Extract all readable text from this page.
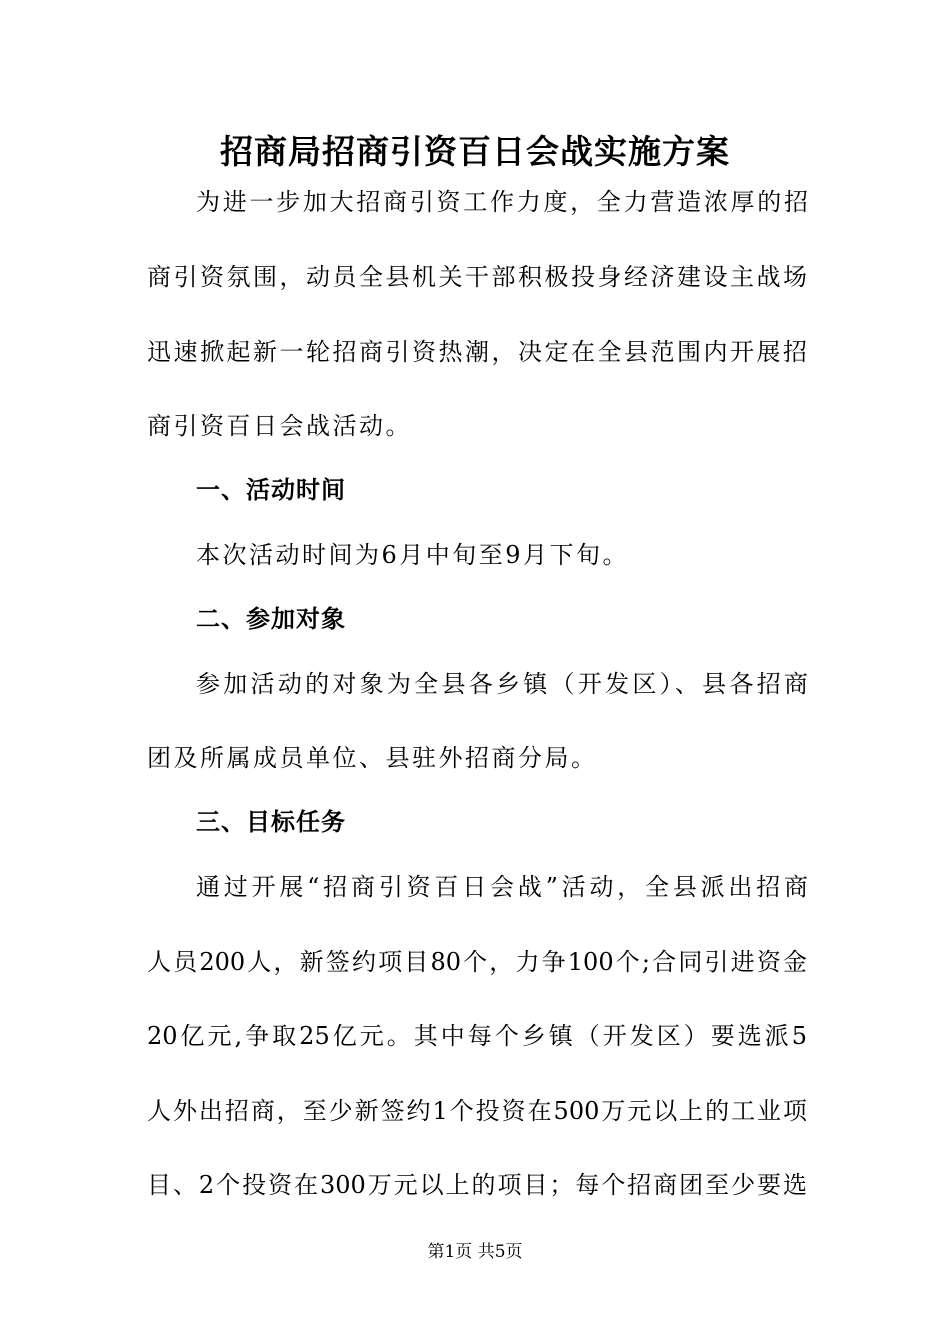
招商局招商引资百日会战实施方案
为进一步加大招商引资工作力度，全力营造浓厚的招
商引资氛围，动员全县机关干部积极投身经济建设主战场
迅速掀起新一轮招商引资热潮，决定在全县范围内开展招
商引资百日会战活动。
一、活动时间
本次活动时间为6月中旬至9月下旬。
二、参加对象
参加活动的对象为全县各乡镇（开发区）、县各招商
团及所属成员单位、县驻外招商分局。
三、目标任务
通过开展“招商引资百日会战”活动，全县派出招商
人员200人，新签约项目80个，力争100个;合同引进资金
20亿元,争取25亿元。其中每个乡镇（开发区）要选派5
人外出招商，至少新签约1个投资在500万元以上的工业项
目、2个投资在300万元以上的项目；每个招商团至少要选
第1页 共5页
